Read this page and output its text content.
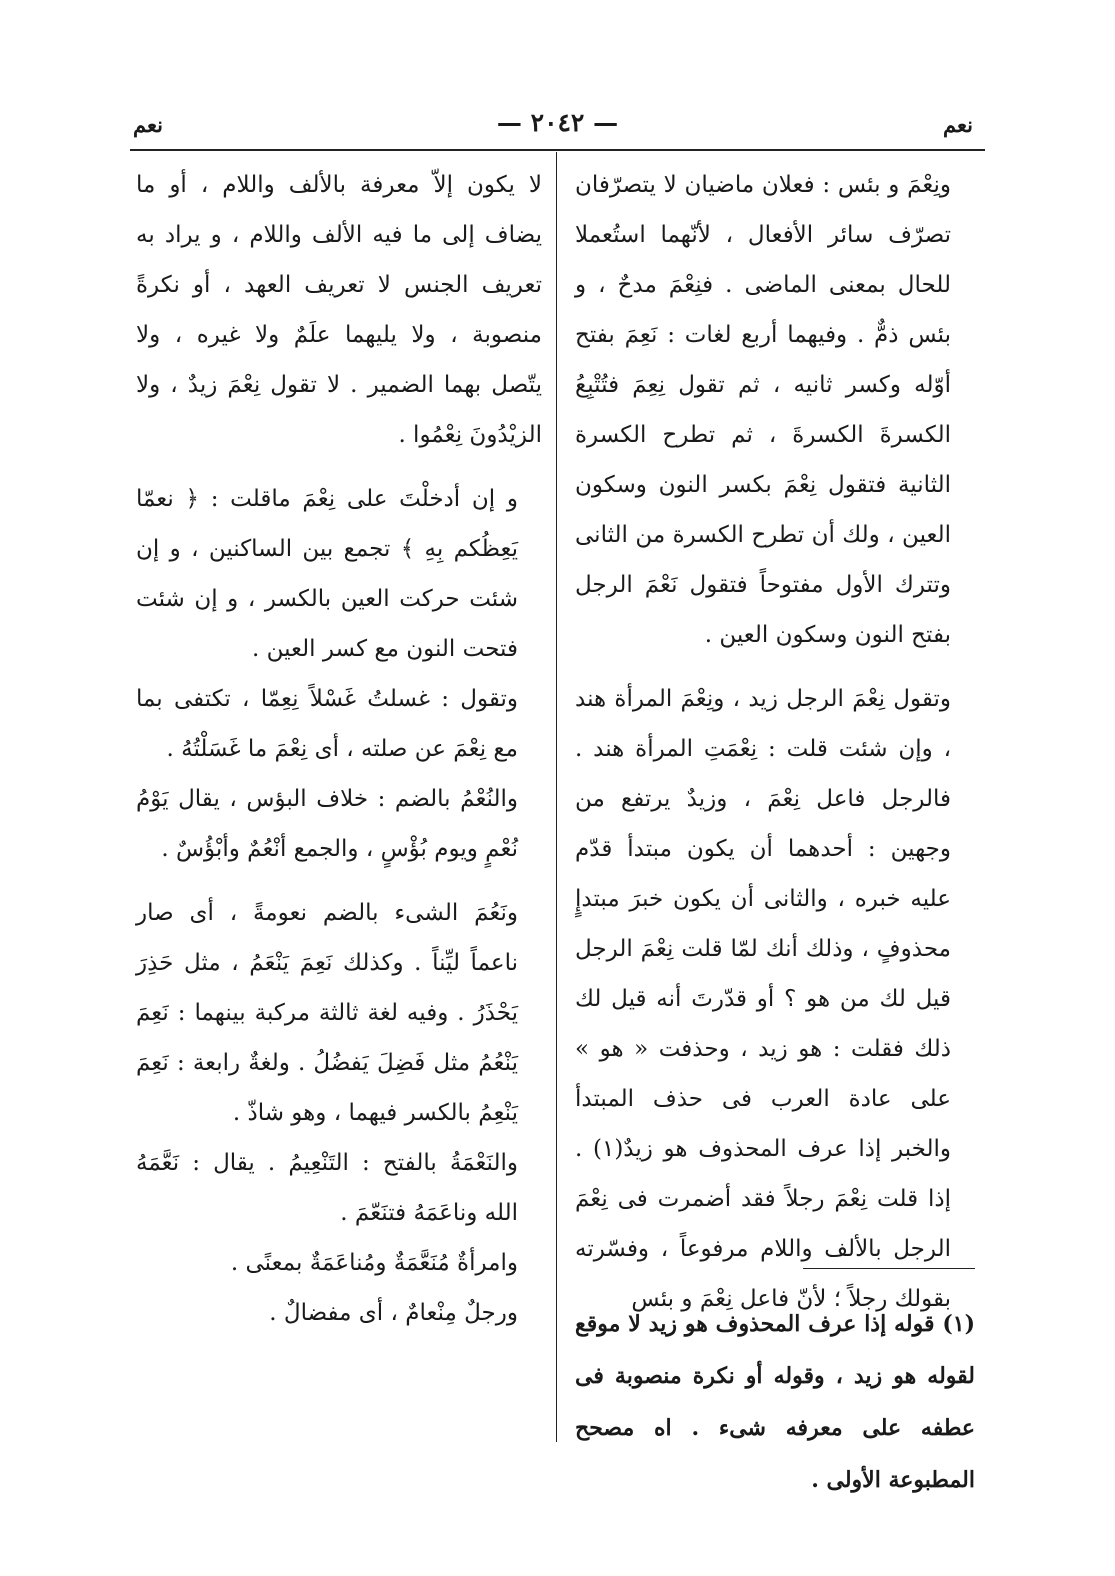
نعم
— ٢٠٤٢ —
نعم

ونِعْمَ و بئس : فعلان ماضيان لا يتصرّفان تصرّف سائر الأفعال ، لأنّهما استُعملا للحال بمعنى الماضى . فنِعْمَ مدحٌ ، و بئس ذمٌّ . وفيهما أربع لغات : نَعِمَ بفتح أوّله وكسر ثانيه ، ثم تقول نِعِمَ فتُتْبِعُ الكسرةَ الكسرةَ ، ثم تطرح الكسرة الثانية فتقول نِعْمَ بكسر النون وسكون العين ، ولك أن تطرح الكسرة من الثانى وتترك الأول مفتوحاً فتقول نَعْمَ الرجل بفتح النون وسكون العين .

وتقول نِعْمَ الرجل زيد ، ونِعْمَ المرأة هند ، وإن شئت قلت : نِعْمَتِ المرأة هند . فالرجل فاعل نِعْمَ ، وزيدٌ يرتفع من وجهين : أحدهما أن يكون مبتدأ قدّم عليه خبره ، والثانى أن يكون خبرَ مبتدإٍ محذوفٍ ، وذلك أنك لمّا قلت نِعْمَ الرجل قيل لك من هو ؟ أو قدّرتَ أنه قيل لك ذلك فقلت : هو زيد ، وحذفت « هو » على عادة العرب فى حذف المبتدأ والخبر إذا عرف المحذوف هو زيدٌ(١) . إذا قلت نِعْمَ رجلاً فقد أضمرت فى نِعْمَ الرجل بالألف واللام مرفوعاً ، وفسّرته بقولك رجلاً ؛ لأنّ فاعل نِعْمَ و بئس

لا يكون إلاّ معرفة بالألف واللام ، أو ما يضاف إلى ما فيه الألف واللام ، و يراد به تعريف الجنس لا تعريف العهد ، أو نكرةً منصوبة ، ولا يليهما علَمٌ ولا غيره ، ولا يتّصل بهما الضمير . لا تقول نِعْمَ زيدٌ ، ولا الزيْدُونَ نِعْمُوا .

و إن أدخلْتَ على نِعْمَ ماقلت : ﴿ نعمّا يَعِظُكم بِهِ ﴾ تجمع بين الساكنين ، و إن شئت حركت العين بالكسر ، و إن شئت فتحت النون مع كسر العين .

وتقول : غسلتُ غَسْلاً نِعِمّا ، تكتفى بما مع نِعْمَ عن صلته ، أى نِعْمَ ما غَسَلْتُهُ .

والنُعْمُ بالضم : خلاف البؤس ، يقال يَوْمُ نُعْمٍ ويوم بُؤْسٍ ، والجمع أنْعُمٌ وأبْؤُسٌ .

ونَعُمَ الشىء بالضم نعومةً ، أى صار ناعماً ليِّناً . وكذلك نَعِمَ يَنْعَمُ ، مثل حَذِرَ يَحْذَرُ . وفيه لغة ثالثة مركبة بينهما : نَعِمَ يَنْعُمُ مثل فَضِلَ يَفضُلُ . ولغةٌ رابعة : نَعِمَ يَنْعِمُ بالكسر فيهما ، وهو شاذّ .

والنَعْمَةُ بالفتح : التَنْعِيمُ . يقال : نَعَّمَهُ الله وناعَمَهُ فتنَعّمَ .

وامرأةٌ مُنَعَّمَةٌ ومُناعَمَةٌ بمعنًى .

ورجلٌ مِنْعامٌ ، أى مفضالٌ .	(١) قوله إذا عرف المحذوف هو زيد لا موقع لقوله هو زيد ، وقوله أو نكرة منصوبة فى عطفه على معرفه شىء . اه مصحح المطبوعة الأولى .
